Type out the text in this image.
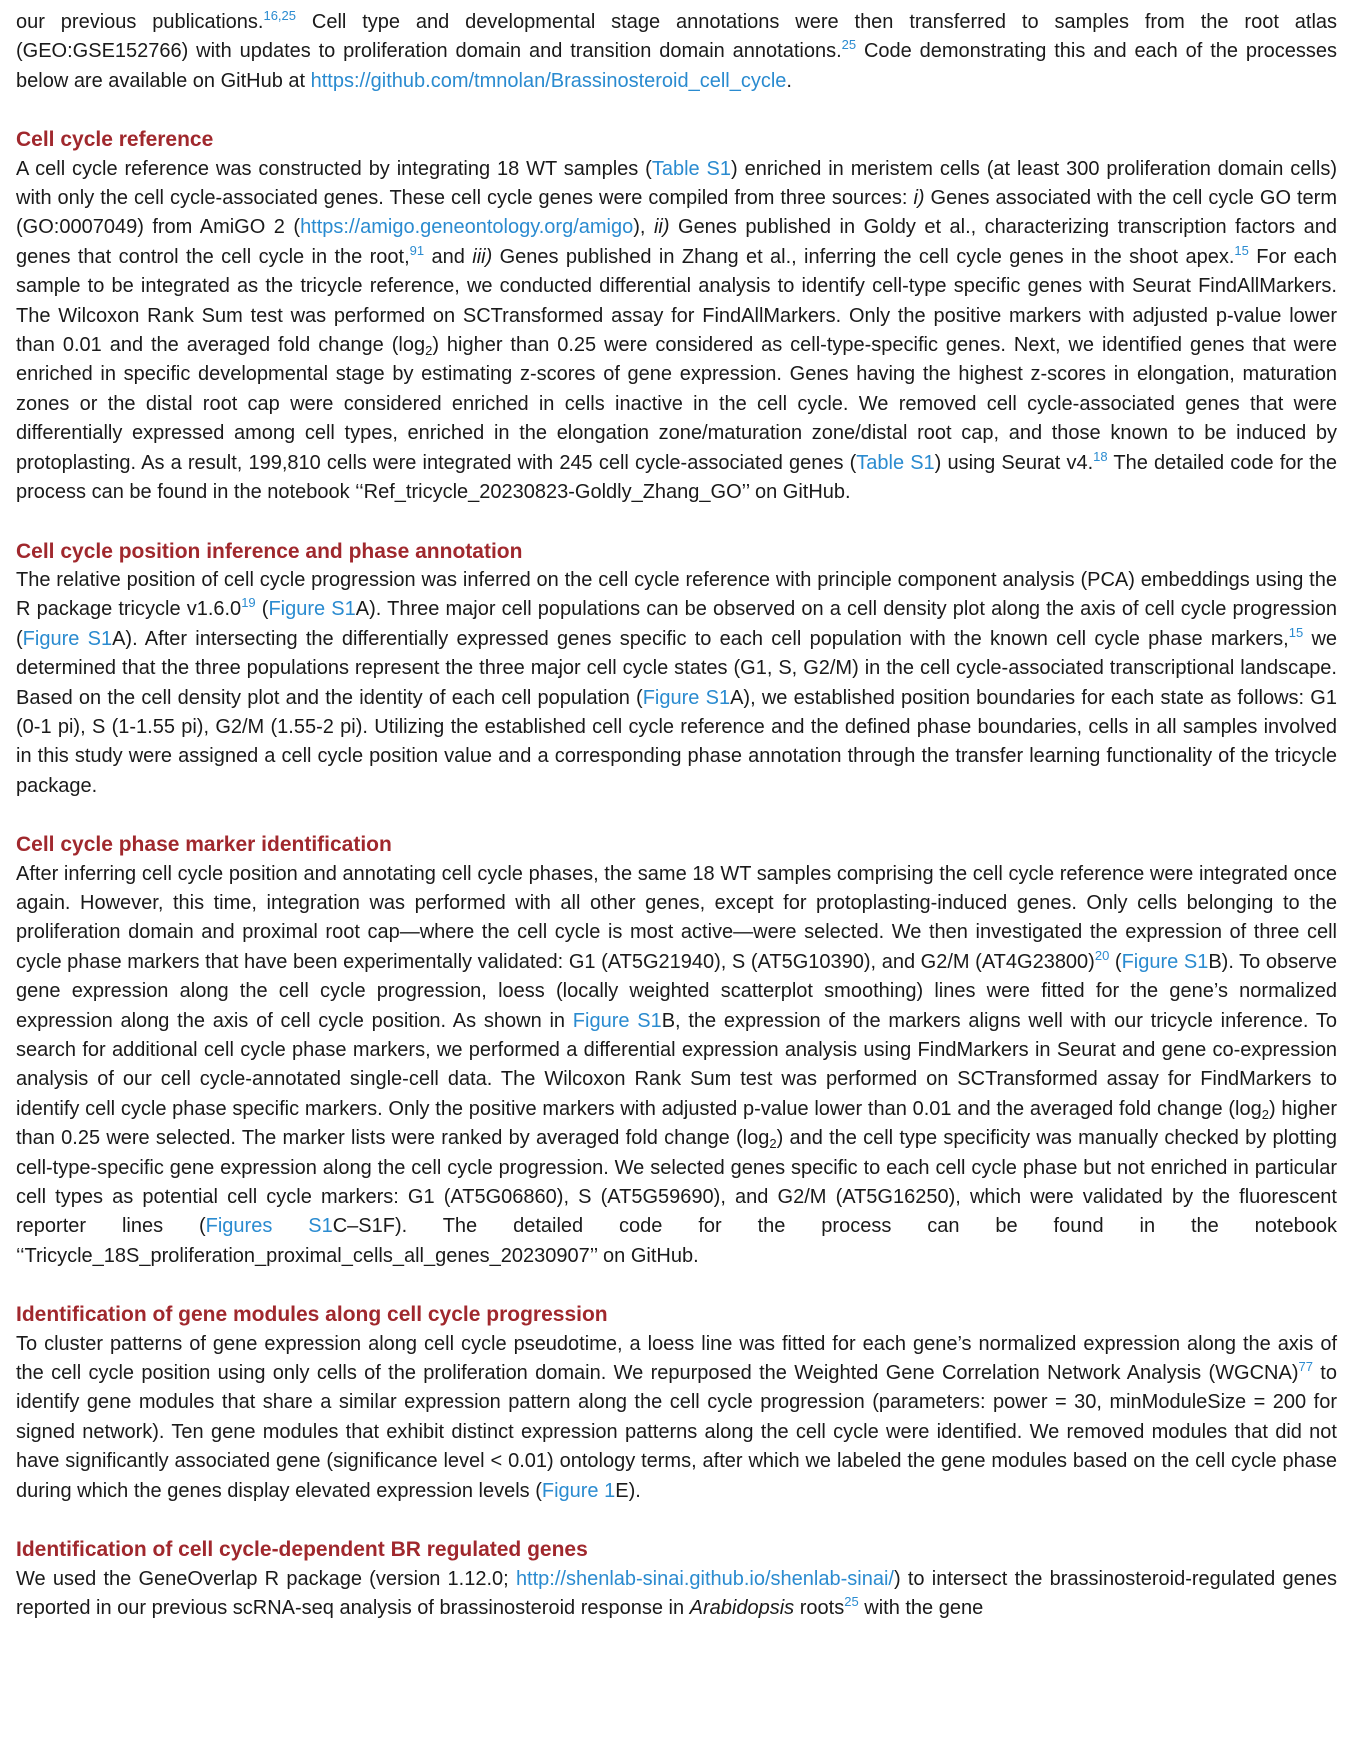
our previous publications.$^{16,25}$ Cell type and developmental stage annotations were then transferred to samples from the root atlas (GEO:GSE152766) with updates to proliferation domain and transition domain annotations.$^{25}$ Code demonstrating this and each of the processes below are available on GitHub at https://github.com/tmnolan/Brassinosteroid_cell_cycle.

Cell cycle reference

A cell cycle reference was constructed by integrating 18 WT samples (Table S1) enriched in meristem cells (at least 300 proliferation domain cells) with only the cell cycle-associated genes. These cell cycle genes were compiled from three sources: i) Genes associated with the cell cycle GO term (GO:0007049) from AmiGO 2 (https://amigo.geneontology.org/amigo), ii) Genes published in Goldy et al., characterizing transcription factors and genes that control the cell cycle in the root,$^{91}$ and iii) Genes published in Zhang et al., inferring the cell cycle genes in the shoot apex.$^{15}$ For each sample to be integrated as the tricycle reference, we conducted differential analysis to identify cell-type specific genes with Seurat FindAllMarkers. The Wilcoxon Rank Sum test was performed on SCTransformed assay for FindAllMarkers. Only the positive markers with adjusted p-value lower than 0.01 and the averaged fold change $(\log_2)$ higher than 0.25 were considered as cell-type-specific genes. Next, we identified genes that were enriched in specific developmental stage by estimating z-scores of gene expression. Genes having the highest z-scores in elongation, maturation zones or the distal root cap were considered enriched in cells inactive in the cell cycle. We removed cell cycle-associated genes that were differentially expressed among cell types, enriched in the elongation zone/maturation zone/distal root cap, and those known to be induced by protoplasting. As a result, 199,810 cells were integrated with 245 cell cycle-associated genes (Table S1) using Seurat v4.18 The detailed code for the process can be found in the notebook ‘‘Ref_tricycle_20230823-Goldly_Zhang_GO’’ on GitHub.

Cell cycle position inference and phase annotation

The relative position of cell cycle progression was inferred on the cell cycle reference with principle component analysis (PCA) embeddings using the R package tricycle v1.6.0$^{19}$ (Figure S1A). Three major cell populations can be observed on a cell density plot along the axis of cell cycle progression (Figure S1A). After intersecting the differentially expressed genes specific to each cell population with the known cell cycle phase markers,$^{15}$ we determined that the three populations represent the three major cell cycle states (G1, S, G2/M) in the cell cycle-associated transcriptional landscape. Based on the cell density plot and the identity of each cell population (Figure S1A), we established position boundaries for each state as follows: G1 (0-1 pi), S (1-1.55 pi), G2/M (1.55-2 pi). Utilizing the established cell cycle reference and the defined phase boundaries, cells in all samples involved in this study were assigned a cell cycle position value and a corresponding phase annotation through the transfer learning functionality of the tricycle package.

Cell cycle phase marker identification

After inferring cell cycle position and annotating cell cycle phases, the same 18 WT samples comprising the cell cycle reference were integrated once again. However, this time, integration was performed with all other genes, except for protoplasting-induced genes. Only cells belonging to the proliferation domain and proximal root cap—where the cell cycle is most active—were selected. We then investigated the expression of three cell cycle phase markers that have been experimentally validated: G1 (AT5G21940), S (AT5G10390), and G2/M (AT4G23800)$^{20}$ (Figure S1B). To observe gene expression along the cell cycle progression, loess (locally weighted scatterplot smoothing) lines were fitted for the gene’s normalized expression along the axis of cell cycle position. As shown in Figure S1B, the expression of the markers aligns well with our tricycle inference. To search for additional cell cycle phase markers, we performed a differential expression analysis using FindMarkers in Seurat and gene co-expression analysis of our cell cycle-annotated single-cell data. The Wilcoxon Rank Sum test was performed on SCTransformed assay for FindMarkers to identify cell cycle phase specific markers. Only the positive markers with adjusted p-value lower than 0.01 and the averaged fold change $(\log_2)$ higher than 0.25 were selected. The marker lists were ranked by averaged fold change $(\log_2)$ and the cell type specificity was manually checked by plotting cell-type-specific gene expression along the cell cycle progression. We selected genes specific to each cell cycle phase but not enriched in particular cell types as potential cell cycle markers: G1 (AT5G06860), S (AT5G59690), and G2/M (AT5G16250), which were validated by the fluorescent reporter lines (Figures S1C–S1F). The detailed code for the process can be found in the notebook ‘‘Tricycle_18S_proliferation_proximal_cells_all_genes_20230907’’ on GitHub.

Identification of gene modules along cell cycle progression

To cluster patterns of gene expression along cell cycle pseudotime, a loess line was fitted for each gene’s normalized expression along the axis of the cell cycle position using only cells of the proliferation domain. We repurposed the Weighted Gene Correlation Network Analysis (WGCNA)$^{77}$ to identify gene modules that share a similar expression pattern along the cell cycle progression (parameters: power = 30, minModuleSize = 200 for signed network). Ten gene modules that exhibit distinct expression patterns along the cell cycle were identified. We removed modules that did not have significantly associated gene (significance level < 0.01) ontology terms, after which we labeled the gene modules based on the cell cycle phase during which the genes display elevated expression levels (Figure 1E).

Identification of cell cycle-dependent BR regulated genes

We used the GeneOverlap R package (version 1.12.0; http://shenlab-sinai.github.io/shenlab-sinai/) to intersect the brassinosteroid-regulated genes reported in our previous scRNA-seq analysis of brassinosteroid response in Arabidopsis roots$^{25}$ with the gene
